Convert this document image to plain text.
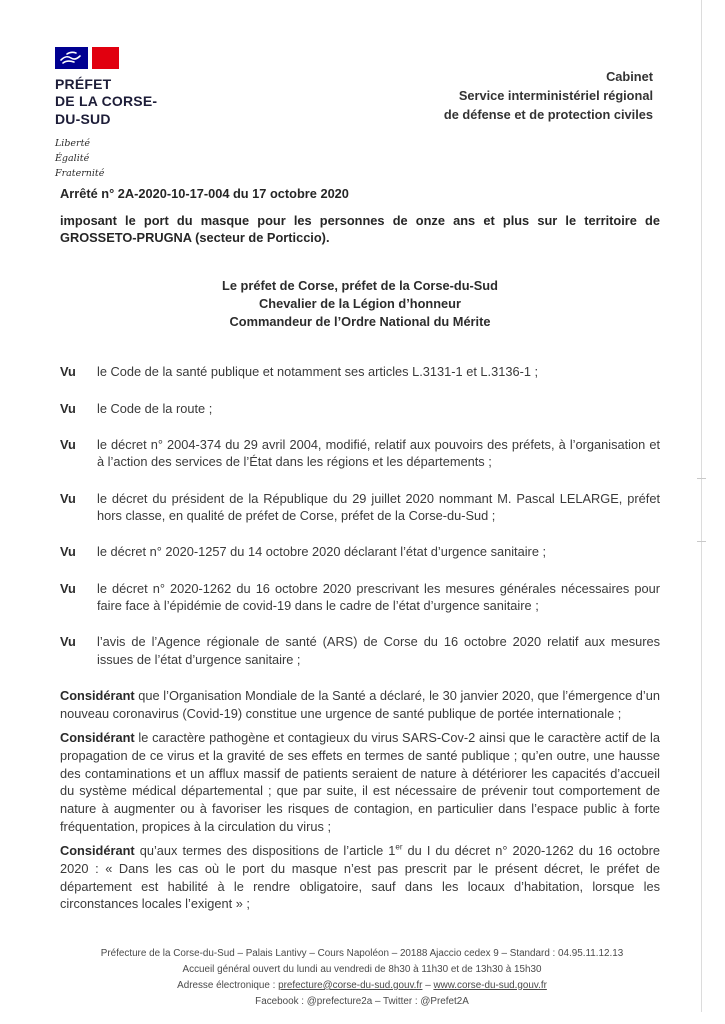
PRÉFET
DE LA CORSE-
DU-SUD
Liberté
Égalité
Fraternité
Cabinet
Service interministériel régional
de défense et de protection civiles
Arrêté n° 2A-2020-10-17-004 du 17 octobre 2020
imposant le port du masque pour les personnes de onze ans et plus sur le territoire de GROSSETO-PRUGNA (secteur de Porticcio).
Le préfet de Corse, préfet de la Corse-du-Sud
Chevalier de la Légion d’honneur
Commandeur de l’Ordre National du Mérite
Vu	le Code de la santé publique et notamment ses articles L.3131-1 et L.3136-1 ;
Vu	le Code de la route ;
Vu	le décret n° 2004-374 du 29 avril 2004, modifié, relatif aux pouvoirs des préfets, à l’organisation et à l’action des services de l’État dans les régions et les départements ;
Vu	le décret du président de la République du 29 juillet 2020 nommant M. Pascal LELARGE, préfet hors classe, en qualité de préfet de Corse, préfet de la Corse-du-Sud ;
Vu	le décret n° 2020-1257 du 14 octobre 2020 déclarant l’état d’urgence sanitaire ;
Vu	le décret n° 2020-1262 du 16 octobre 2020 prescrivant les mesures générales nécessaires pour faire face à l’épidémie de covid-19 dans le cadre de l’état d’urgence sanitaire ;
Vu	l’avis de l’Agence régionale de santé (ARS) de Corse du 16 octobre 2020 relatif aux mesures issues de l’état d’urgence sanitaire ;

Considérant que l’Organisation Mondiale de la Santé a déclaré, le 30 janvier 2020, que l’émergence d’un nouveau coronavirus (Covid-19) constitue une urgence de santé publique de portée internationale ;

Considérant le caractère pathogène et contagieux du virus SARS-Cov-2 ainsi que le caractère actif de la propagation de ce virus et la gravité de ses effets en termes de santé publique ; qu’en outre, une hausse des contaminations et un afflux massif de patients seraient de nature à détériorer les capacités d’accueil du système médical départemental ; que par suite, il est nécessaire de prévenir tout comportement de nature à augmenter ou à favoriser les risques de contagion, en particulier dans l’espace public à forte fréquentation, propices à la circulation du virus ;

Considérant qu’aux termes des dispositions de l’article 1er du I du décret n° 2020-1262 du 16 octobre 2020 : « Dans les cas où le port du masque n’est pas prescrit par le présent décret, le préfet de département est habilité à le rendre obligatoire, sauf dans les locaux d’habitation, lorsque les circonstances locales l’exigent » ;

Préfecture de la Corse-du-Sud – Palais Lantivy – Cours Napoléon – 20188 Ajaccio cedex 9 – Standard : 04.95.11.12.13
Accueil général ouvert du lundi au vendredi de 8h30 à 11h30 et de 13h30 à 15h30
Adresse électronique : prefecture@corse-du-sud.gouv.fr – www.corse-du-sud.gouv.fr
Facebook : @prefecture2a – Twitter : @Prefet2A
